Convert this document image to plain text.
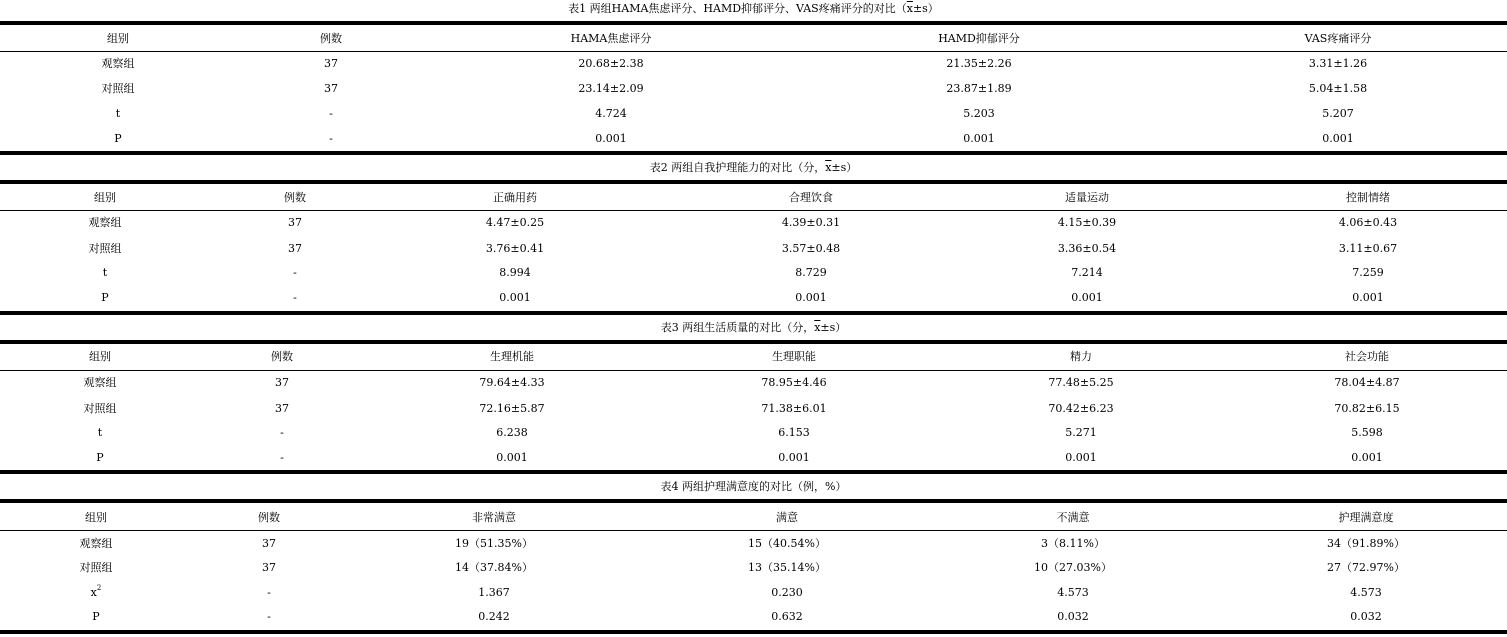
表1 两组HAMA焦虑评分、HAMD抑郁评分、VAS疼痛评分的对比$(\overline{x}\pm s)$
组别	例数	HAMA焦虑评分	HAMD抑郁评分	VAS疼痛评分
观察组	37	20.68±2.38	21.35±2.26	3.31±1.26
对照组	37	23.14±2.09	23.87±1.89	5.04±1.58
t	-	4.724	5.203	5.207
P	-	0.001	0.001	0.001
表2 两组自我护理能力的对比（分，$\overline{x}\pm s$）
组别	例数	正确用药	合理饮食	适量运动	控制情绪
观察组	37	4.47±0.25	4.39±0.31	4.15±0.39	4.06±0.43
对照组	37	3.76±0.41	3.57±0.48	3.36±0.54	3.11±0.67
t	-	8.994	8.729	7.214	7.259
P	-	0.001	0.001	0.001	0.001
表3 两组生活质量的对比（分，$\overline{x}\pm s$）
组别	例数	生理机能	生理职能	精力	社会功能
观察组	37	79.64±4.33	78.95±4.46	77.48±5.25	78.04±4.87
对照组	37	72.16±5.87	71.38±6.01	70.42±6.23	70.82±6.15
t	-	6.238	6.153	5.271	5.598
P	-	0.001	0.001	0.001	0.001
表4 两组护理满意度的对比（例，%）
组别	例数	非常满意	满意	不满意	护理满意度
观察组	37	19（51.35%）	15（40.54%）	3（8.11%）	34（91.89%）
对照组	37	14（37.84%）	13（35.14%）	10（27.03%）	27（72.97%）
$x^2$	-	1.367	0.230	4.573	4.573
P	-	0.242	0.632	0.032	0.032
